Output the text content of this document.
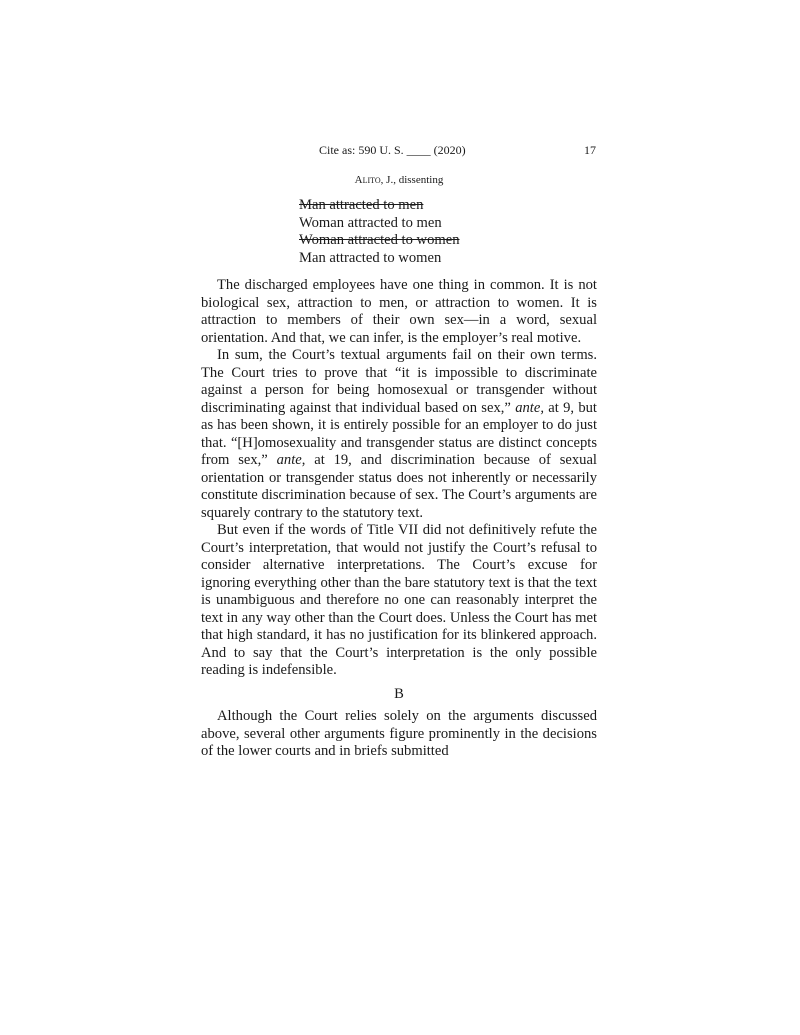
Cite as: 590 U. S. ____ (2020)	17
Alito, J., dissenting
Man attracted to men
Woman attracted to men
Woman attracted to women
Man attracted to women

The discharged employees have one thing in common. It is not biological sex, attraction to men, or attraction to women. It is attraction to members of their own sex—in a word, sexual orientation. And that, we can infer, is the employer’s real motive.

In sum, the Court’s textual arguments fail on their own terms. The Court tries to prove that “it is impossible to discriminate against a person for being homosexual or transgender without discriminating against that individual based on sex,” ante, at 9, but as has been shown, it is entirely possible for an employer to do just that. “[H]omosexuality and transgender status are distinct concepts from sex,” ante, at 19, and discrimination because of sexual orientation or transgender status does not inherently or necessarily constitute discrimination because of sex. The Court’s arguments are squarely contrary to the statutory text.

But even if the words of Title VII did not definitively refute the Court’s interpretation, that would not justify the Court’s refusal to consider alternative interpretations. The Court’s excuse for ignoring everything other than the bare statutory text is that the text is unambiguous and therefore no one can reasonably interpret the text in any way other than the Court does. Unless the Court has met that high standard, it has no justification for its blinkered approach. And to say that the Court’s interpretation is the only possible reading is indefensible.

B

Although the Court relies solely on the arguments discussed above, several other arguments figure prominently in the decisions of the lower courts and in briefs submitted
